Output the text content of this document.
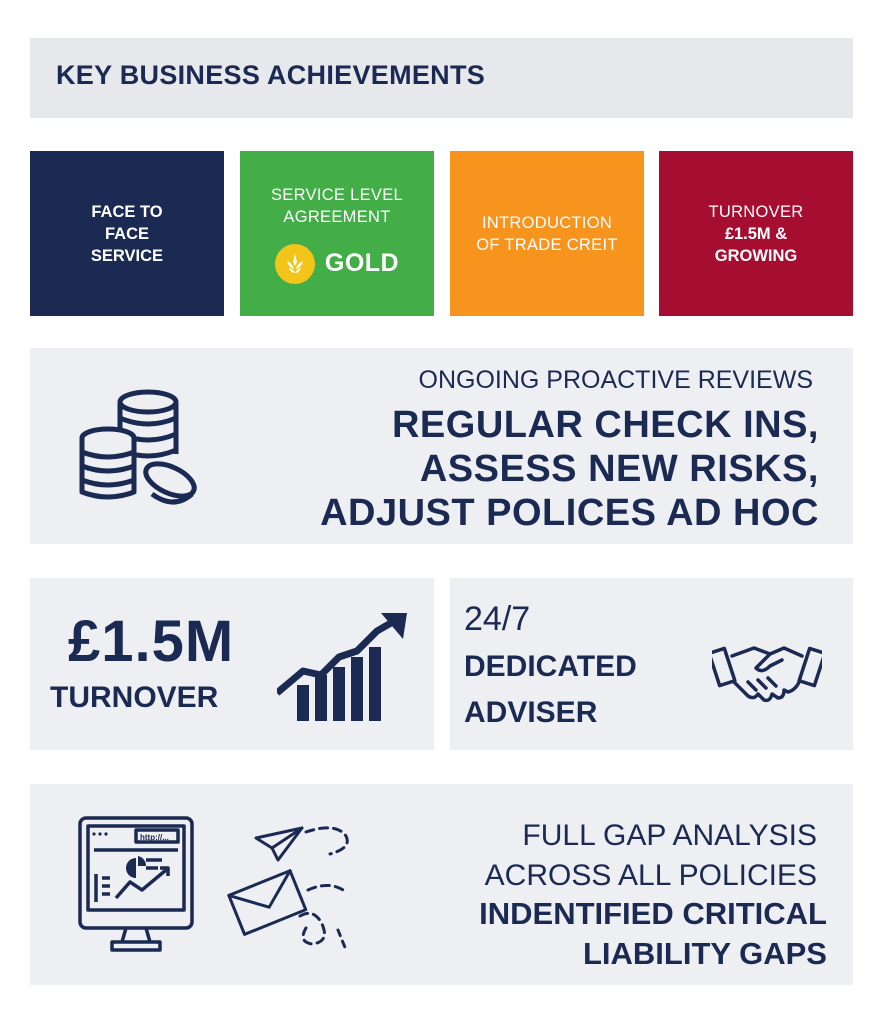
KEY BUSINESS ACHIEVEMENTS
FACE TO
FACE
SERVICE
SERVICE LEVEL
AGREEMENT
GOLD
INTRODUCTION
OF TRADE CREIT
TURNOVER
£1.5M &
GROWING
ONGOING PROACTIVE REVIEWS
REGULAR CHECK INS,
ASSESS NEW RISKS,
ADJUST POLICES AD HOC
£1.5M
TURNOVER
24/7
DEDICATED
ADVISER
http://...	FULL GAP ANALYSIS
ACROSS ALL POLICIES
INDENTIFIED CRITICAL
LIABILITY GAPS
